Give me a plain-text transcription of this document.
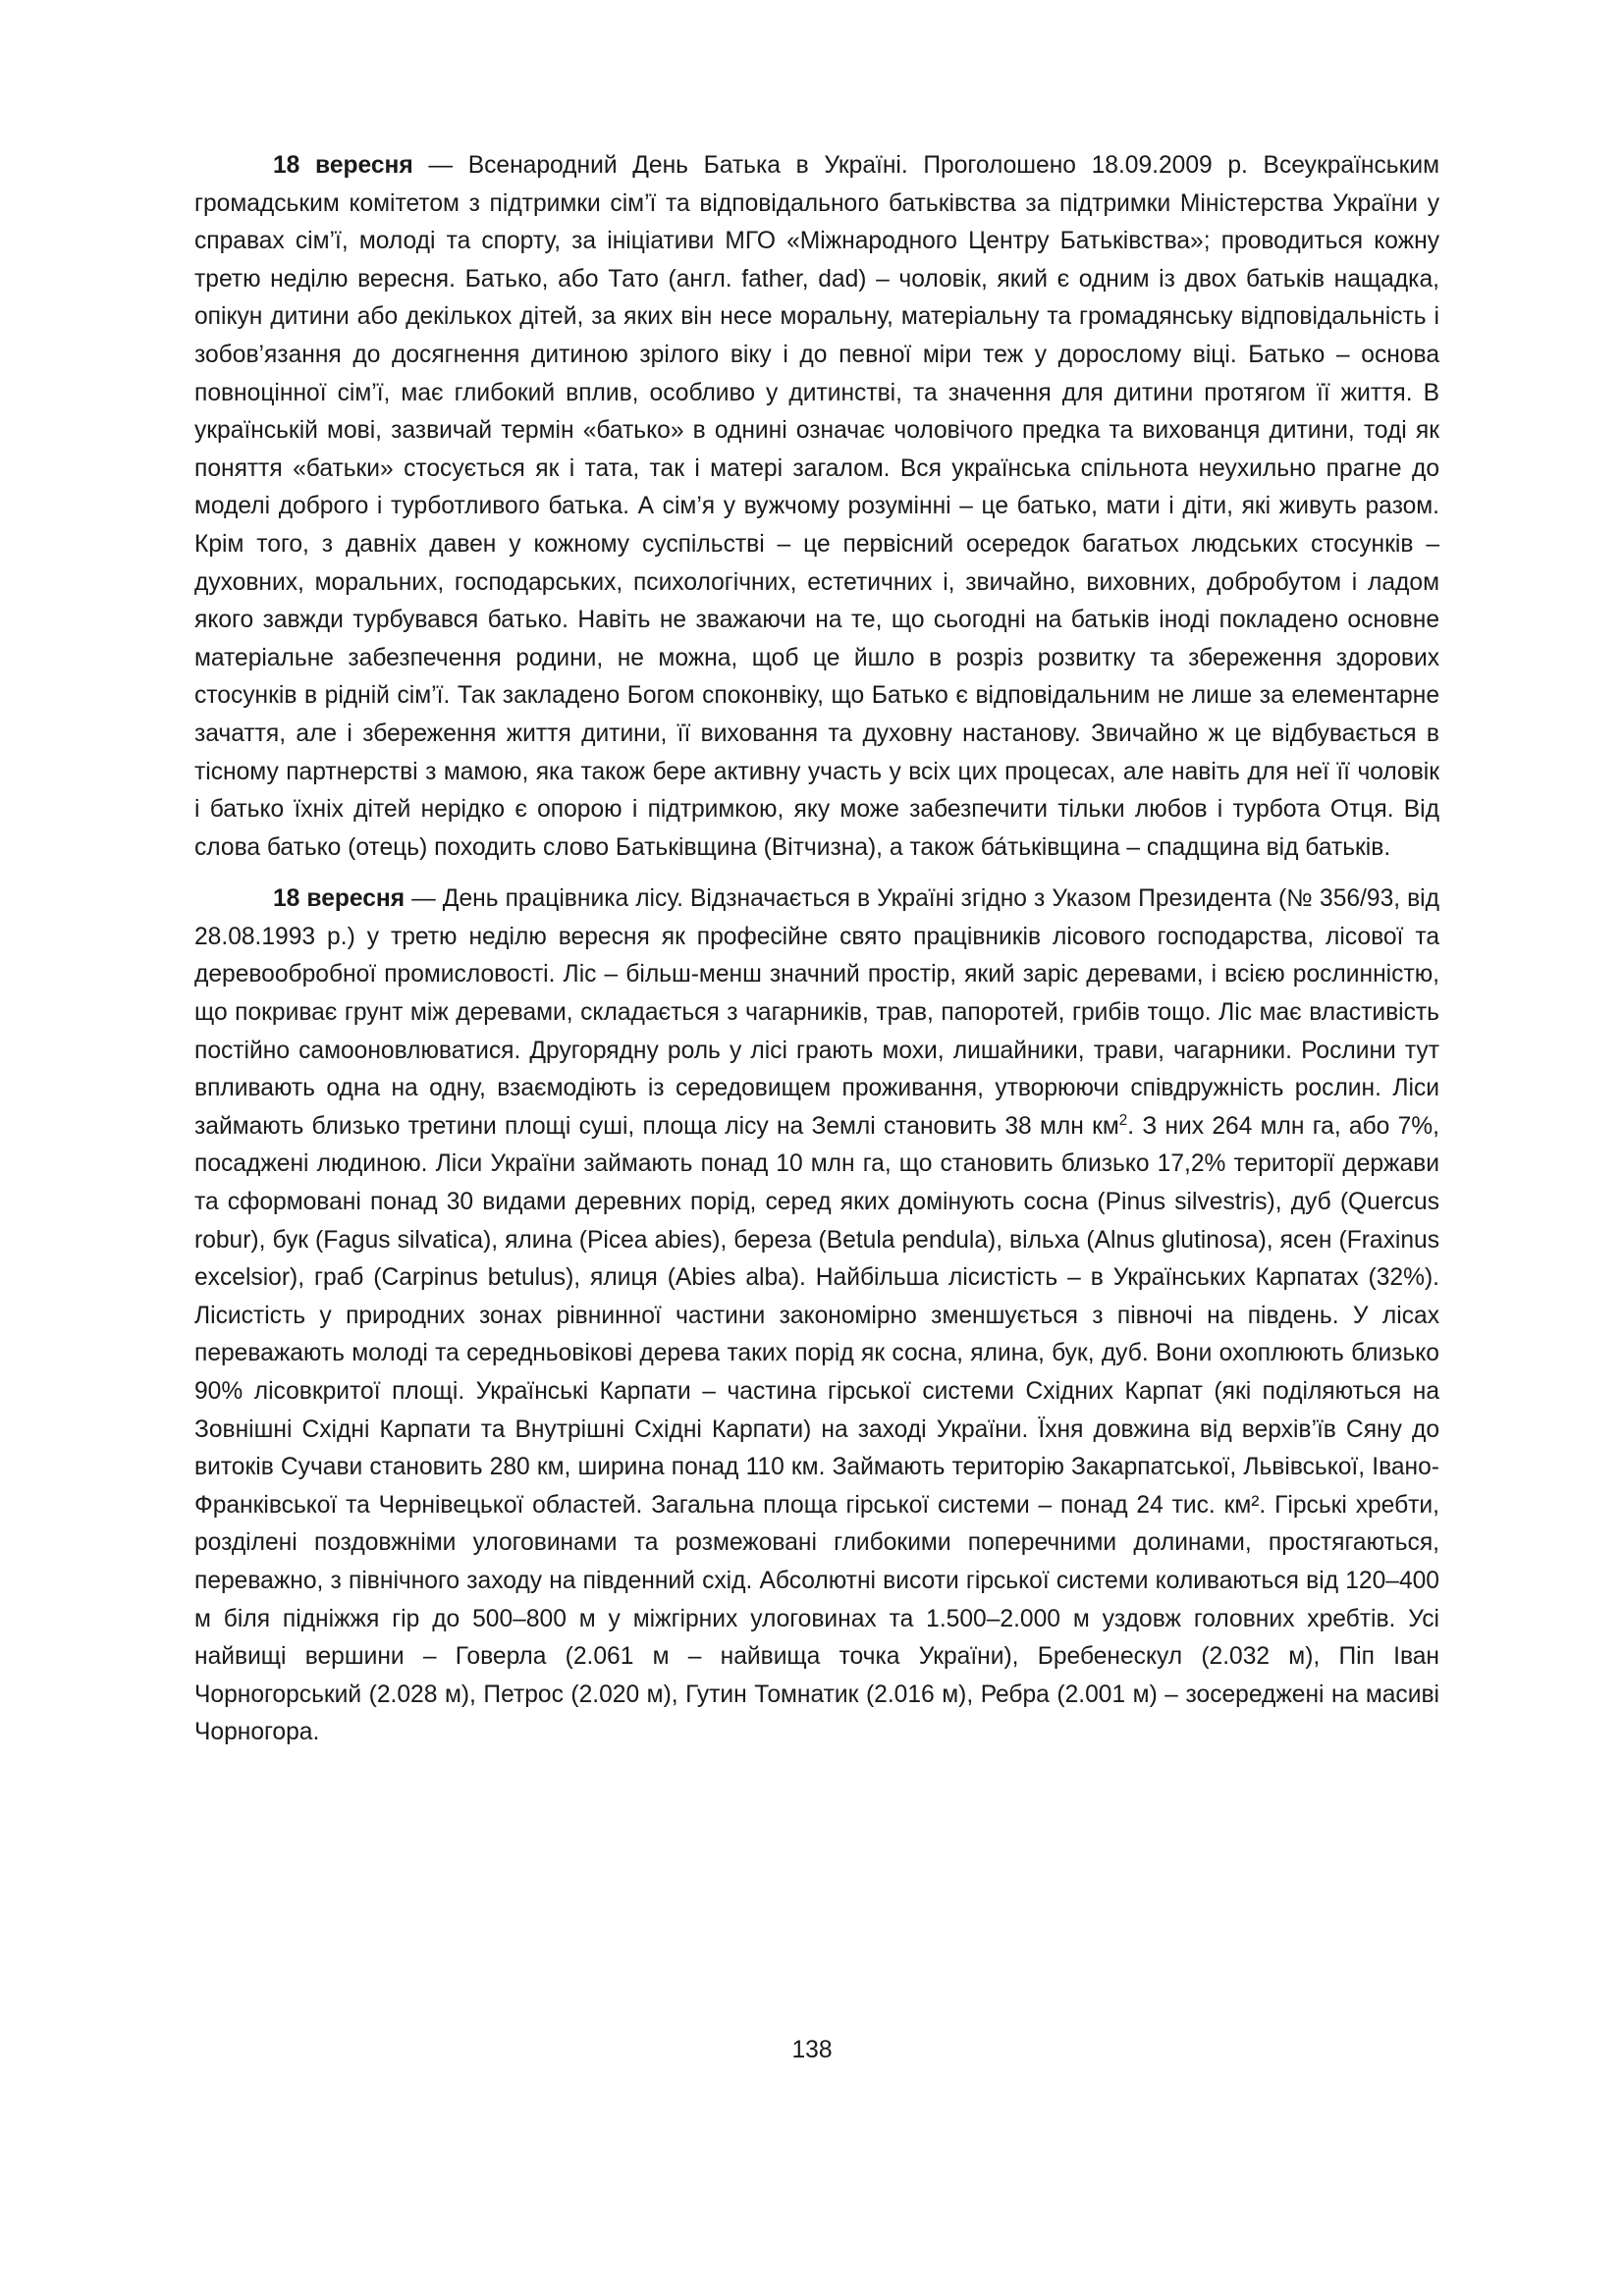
18 вересня — Всенародний День Батька в Україні. Проголошено 18.09.2009 р. Всеукраїнським громадським комітетом з підтримки сім’ї та відповідального батьківства за підтримки Міністерства України у справах сім’ї, молоді та спорту, за ініціативи МГО «Міжнародного Центру Батьківства»; проводиться кожну третю неділю вересня. Батько, або Тато (англ. father, dad) – чоловік, який є одним із двох батьків нащадка, опікун дитини або декількох дітей, за яких він несе моральну, матеріальну та громадянську відповідальність і зобов’язання до досягнення дитиною зрілого віку і до певної міри теж у дорослому віці. Батько – основа повноцінної сім’ї, має глибокий вплив, особливо у дитинстві, та значення для дитини протягом її життя. В українській мові, зазвичай термін «батько» в однині означає чоловічого предка та вихованця дитини, тоді як поняття «батьки» стосується як і тата, так і матері загалом. Вся українська спільнота неухильно прагне до моделі доброго і турботливого батька. А сім’я у вужчому розумінні – це батько, мати і діти, які живуть разом. Крім того, з давніх давен у кожному суспільстві – це первісний осередок багатьох людських стосунків – духовних, моральних, господарських, психологічних, естетичних і, звичайно, виховних, добробутом і ладом якого завжди турбувався батько. Навіть не зважаючи на те, що сьогодні на батьків іноді покладено основне матеріальне забезпечення родини, не можна, щоб це йшло в розріз розвитку та збереження здорових стосунків в рідній сім’ї. Так закладено Богом споконвіку, що Батько є відповідальним не лише за елементарне зачаття, але і збереження життя дитини, її виховання та духовну настанову. Звичайно ж це відбувається в тісному партнерстві з мамою, яка також бере активну участь у всіх цих процесах, але навіть для неї її чоловік і батько їхніх дітей нерідко є опорою і підтримкою, яку може забезпечити тільки любов і турбота Отця. Від слова батько (отець) походить слово Батьківщина (Вітчизна), а також ба́тьківщина – спадщина від батьків.

18 вересня — День працівника лісу. Відзначається в Україні згідно з Указом Президента (№ 356/93, від 28.08.1993 р.) у третю неділю вересня як професійне свято працівників лісового господарства, лісової та деревообробної промисловості. Ліс – більш-менш значний простір, який заріс деревами, і всією рослинністю, що покриває грунт між деревами, складається з чагарників, трав, папоротей, грибів тощо. Ліс має властивість постійно самооновлюватися. Другорядну роль у лісі грають мохи, лишайники, трави, чагарники. Рослини тут впливають одна на одну, взаємодіють із середовищем проживання, утворюючи співдружність рослин. Ліси займають близько третини площі суші, площа лісу на Землі становить 38 млн $км^2$. З них 264 млн га, або 7%, посаджені людиною. Ліси України займають понад 10 млн га, що становить близько 17,2% території держави та сформовані понад 30 видами деревних порід, серед яких домінують сосна (Pinus silvestris), дуб (Quercus robur), бук (Fagus silvatica), ялина (Picea abies), береза (Betula pendula), вільха (Alnus glutinosa), ясен (Fraxinus excelsior), граб (Carpinus betulus), ялиця (Abies alba). Найбільша лісистість – в Українських Карпатах (32%). Лісистість у природних зонах рівнинної частини закономірно зменшується з півночі на південь. У лісах переважають молоді та середньовікові дерева таких порід як сосна, ялина, бук, дуб. Вони охоплюють близько 90% лісовкритої площі. Українські Карпати – частина гірської системи Східних Карпат (які поділяються на Зовнішні Східні Карпати та Внутрішні Східні Карпати) на заході України. Їхня довжина від верхів’їв Сяну до витоків Сучави становить 280 км, ширина понад 110 км. Займають територію Закарпатської, Львівської, Івано-Франківської та Чернівецької областей. Загальна площа гірської системи – понад 24 тис. км². Гірські хребти, розділені поздовжніми улоговинами та розмежовані глибокими поперечними долинами, простягаються, переважно, з північного заходу на південний схід. Абсолютні висоти гірської системи коливаються від 120–400 м біля підніжжя гір до 500–800 м у міжгірних улоговинах та 1.500–2.000 м уздовж головних хребтів. Усі найвищі вершини – Говерла (2.061 м – найвища точка України), Бребенескул (2.032 м), Піп Іван Чорногорський (2.028 м), Петрос (2.020 м), Гутин Томнатик (2.016 м), Ребра (2.001 м) – зосереджені на масиві Чорногора.

138
